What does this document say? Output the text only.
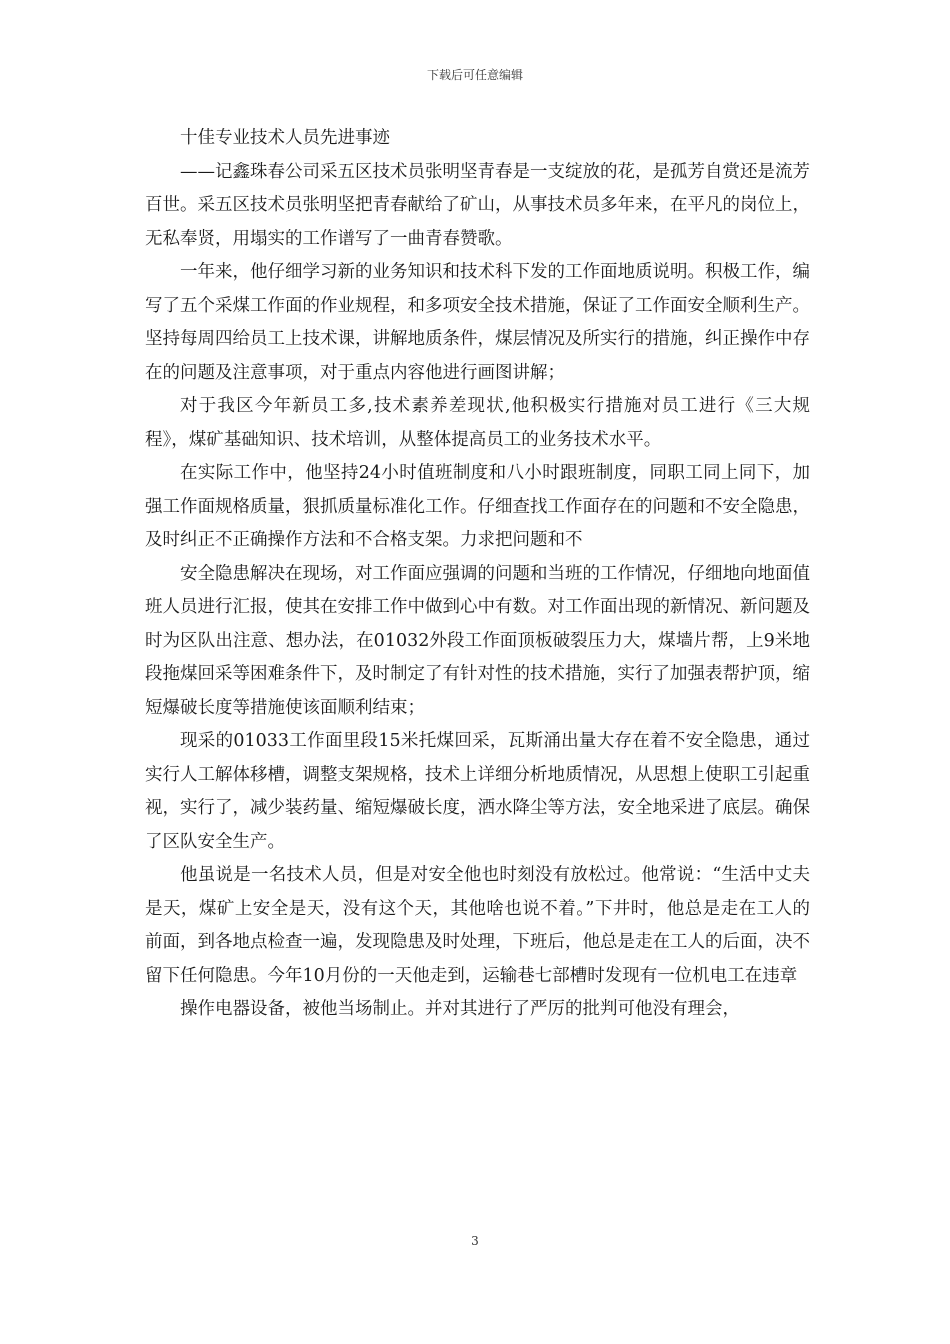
下载后可任意编辑

十佳专业技术人员先进事迹

——记鑫珠春公司采五区技术员张明坚青春是一支绽放的花，是孤芳自赏还是流芳百世。采五区技术员张明坚把青春献给了矿山，从事技术员多年来，在平凡的岗位上，无私奉贤，用塌实的工作谱写了一曲青春赞歌。

一年来，他仔细学习新的业务知识和技术科下发的工作面地质说明。积极工作，编写了五个采煤工作面的作业规程，和多项安全技术措施，保证了工作面安全顺利生产。坚持每周四给员工上技术课，讲解地质条件，煤层情况及所实行的措施，纠正操作中存在的问题及注意事项，对于重点内容他进行画图讲解；

对于我区今年新员工多,技术素养差现状,他积极实行措施对员工进行《三大规程》，煤矿基础知识、技术培训，从整体提高员工的业务技术水平。

在实际工作中，他坚持24小时值班制度和八小时跟班制度，同职工同上同下，加强工作面规格质量，狠抓质量标准化工作。仔细查找工作面存在的问题和不安全隐患，及时纠正不正确操作方法和不合格支架。力求把问题和不

安全隐患解决在现场，对工作面应强调的问题和当班的工作情况，仔细地向地面值班人员进行汇报，使其在安排工作中做到心中有数。对工作面出现的新情况、新问题及时为区队出注意、想办法，在01032外段工作面顶板破裂压力大，煤墙片帮，上9米地段拖煤回采等困难条件下，及时制定了有针对性的技术措施，实行了加强表帮护顶，缩短爆破长度等措施使该面顺利结束；

现采的01033工作面里段15米托煤回采，瓦斯涌出量大存在着不安全隐患，通过实行人工解体移槽，调整支架规格，技术上详细分析地质情况，从思想上使职工引起重视，实行了，减少装药量、缩短爆破长度，洒水降尘等方法，安全地采进了底层。确保了区队安全生产。

他虽说是一名技术人员，但是对安全他也时刻没有放松过。他常说：“生活中丈夫是天，煤矿上安全是天，没有这个天，其他啥也说不着。”下井时，他总是走在工人的前面，到各地点检查一遍，发现隐患及时处理，下班后，他总是走在工人的后面，决不留下任何隐患。今年10月份的一天他走到，运输巷七部槽时发现有一位机电工在违章

操作电器设备，被他当场制止。并对其进行了严厉的批判可他没有理会，

3
